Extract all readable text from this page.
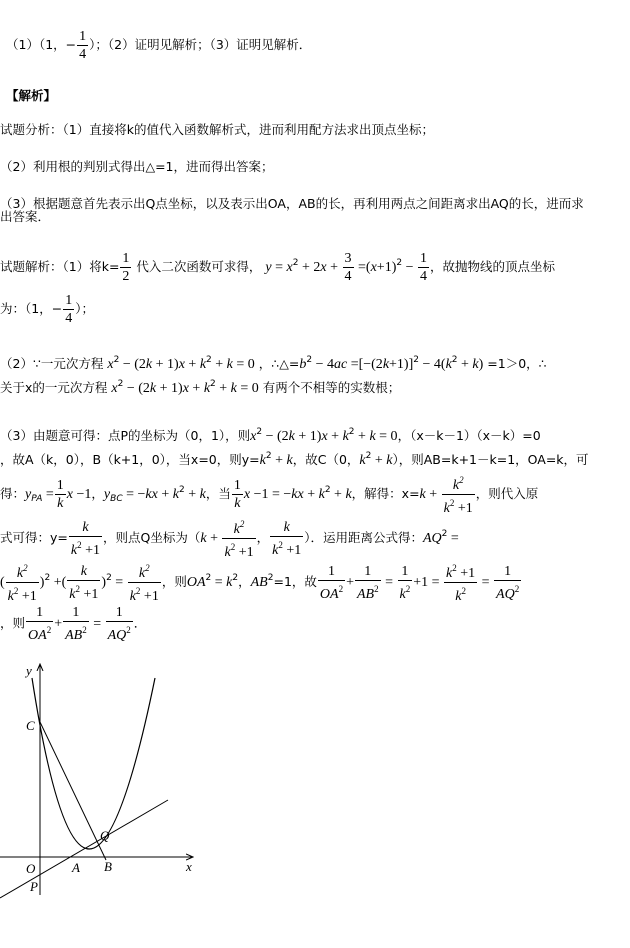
（1）（1，− $\frac{1}{4}$ ）；（2）证明见解析；（3）证明见解析．
【解析】
试题分析：（1）直接将k的值代入函数解析式，进而利用配方法求出顶点坐标；
（2）利用根的判别式得出△=1，进而得出答案；
（3）根据题意首先表示出Q点坐标，以及表示出OA，AB的长，再利用两点之间距离求出AQ的长，进而求
出答案．
试题解析：（1）将$k= \frac{1}{2}$ 代入二次函数可求得， $y = x^2 + 2x + \frac{3}{4} =(x+1)^2 - \frac{1}{4}$ ，故抛物线的顶点坐标
为：（1，− $\frac{1}{4}$ ）；
（2）∵一元次方程 $x^2 - (2k + 1)x + k^2 + k = 0$ ，$\therefore\triangle=b^2 - 4ac =[-(2k+1)]^2 - 4(k^2 + k) =1>0$，∴
关于x的一元次方程 $x^2 - (2k + 1)x + k^2 + k = 0$ 有两个不相等的实数根；
（3）由题意可得：点P的坐标为（0，1），则$x^2 - (2k + 1)x + k^2 + k = 0$，（x－k－1）（x－k）=0
，故A（k，0），B（k+1，0），当x=0，则$y=k^2 + k$，故C（0，$k^2 + k$），则AB=k+1－k=1，OA=k，可
得：$y_{PA} = \frac{1}{k}$ x −1，$y_{BC} = -kx + k^2 + k$，当 $\frac{1}{k}$ $x -1 = -kx + k^2 + k$，解得：$x=k + \frac{k^2}{k^2 +1}$ ，则代入原
式可得：$y= \frac{k}{k^2 +1}$ ，则点Q坐标为（$k + \frac{k^2}{k^2 +1}$ ， $\frac{k}{k^2 +1}$ ）．运用距离公式得：$AQ^2$ =
( $\frac{k^2}{k^2 +1} )^2$ +( $\frac{k}{k^2 +1} )^2 = \frac{k^2}{k^2 +1}$ ，则$OA^2 = k^2$，$AB^2=1$，故 $\frac{1}{OA^2} + \frac{1}{AB^2} = \frac{1}{k^2} +1 = \frac{k^2 +1}{k^2} = \frac{1}{AQ^2}$
，则 $\frac{1}{OA^2} + \frac{1}{AB^2} = \frac{1}{AQ^2}$ ．
y
x
C
O	A B
Q
P
